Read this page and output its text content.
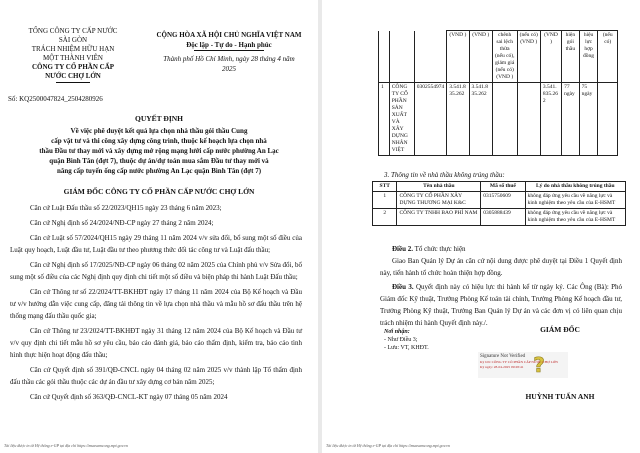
TỔNG CÔNG TY CẤP NƯỚC
SÀI GÒN
TRÁCH NHIỆM HỮU HẠN
MỘT THÀNH VIÊN
CÔNG TY CỔ PHẦN CẤP
NƯỚC CHỢ LỚN
Số: KQ2500047824_2504280926
CỘNG HÒA XÃ HỘI CHỦ NGHĨA VIỆT NAM
Độc lập - Tự do - Hạnh phúc
Thành phố Hồ Chí Minh, ngày 28 tháng 4 năm
2025
QUYẾT ĐỊNH
Về việc phê duyệt kết quả lựa chọn nhà thầu gói thầu Cung
cấp vật tư và thi công xây dựng công trình, thuộc kế hoạch lựa chọn nhà
thầu Đầu tư thay mới và xây dựng mở rộng mạng lưới cấp nước phường An Lạc
quận Bình Tân (đợt 7), thuộc dự án/dự toán mua sắm Đầu tư thay mới và
nâng cấp tuyến ống cấp nước phường An Lạc quận Bình Tân (đợt 7)
GIÁM ĐỐC CÔNG TY CỔ PHẦN CẤP NƯỚC CHỢ LỚN
Căn cứ Luật Đấu thầu số 22/2023/QH15 ngày 23 tháng 6 năm 2023;
Căn cứ Nghị định số 24/2024/NĐ-CP ngày 27 tháng 2 năm 2024;
Căn cứ Luật số 57/2024/QH15 ngày 29 tháng 11 năm 2024 v/v sửa đổi, bổ sung một số điều của Luật quy hoạch, Luật đầu tư, Luật đầu tư theo phương thức đối tác công tư và Luật đấu thầu;
Căn cứ Nghị định số 17/2025/NĐ-CP ngày 06 tháng 02 năm 2025 của Chính phủ v/v Sửa đổi, bổ sung một số điều của các Nghị định quy định chi tiết một số điều và biện pháp thi hành Luật Đấu thầu;
Căn cứ Thông tư số 22/2024/TT-BKHĐT ngày 17 tháng 11 năm 2024 của Bộ Kế hoạch và Đầu tư v/v hướng dẫn việc cung cấp, đăng tải thông tin về lựa chọn nhà thầu và mẫu hồ sơ đấu thầu trên hệ thống mạng đấu thầu quốc gia;
Căn cứ Thông tư 23/2024/TT-BKHĐT ngày 31 tháng 12 năm 2024 của Bộ Kế hoạch và Đầu tư v/v quy định chi tiết mẫu hồ sơ yêu cầu, báo cáo đánh giá, báo cáo thẩm định, kiểm tra, báo cáo tình hình thực hiện hoạt động đấu thầu;
Căn cứ Quyết định số 391/QĐ-CNCL ngày 04 tháng 02 năm 2025 v/v thành lập Tổ thẩm định đấu thầu các gói thầu thuộc các dự án đầu tư xây dựng cơ bản năm 2025;
Căn cứ Quyết định số 363/QĐ-CNCL-KT ngày 07 tháng 05 năm 2024
Tài liệu được in từ Hệ thống e-GP tại địa chỉ https://muasamcong.mpi.gov.vn
			(VND )	(VND )	chênh sai lệch thừa (nếu có), giảm giá (nếu có) (VND )	(nếu có) (VND )	(VND )	hiện gói thầu	hiệu lực hợp đồng	(nếu có)
1	CÔNG TY CỔ PHẦN SẢN XUẤT VÀ XÂY DỰNG NHÂN VIỆT	0302554974	3.541.835.262	3.541.835.262			3.541.835.262	77 ngày	75 ngày	
3. Thông tin về nhà thầu không trúng thầu:
STT	Tên nhà thầu	Mã số thuế	Lý do nhà thầu không trúng thầu
1	CÔNG TY CỔ PHẦN XÂY DỰNG THƯƠNG MẠI K&C	0315750609	không đáp ứng yêu cầu về năng lực và kinh nghiệm theo yêu cầu của E-HSMT
2	CÔNG TY TNHH BAO PHÍ NAM	0305888439	không đáp ứng yêu cầu về năng lực và kinh nghiệm theo yêu cầu của E-HSMT
Điều 2. Tổ chức thực hiện
Giao Ban Quản lý Dự án căn cứ nội dung được phê duyệt tại Điều 1 Quyết định này, tiến hành tổ chức hoàn thiện hợp đồng.
Điều 3. Quyết định này có hiệu lực thi hành kể từ ngày ký. Các Ông (Bà): Phó Giám đốc Kỹ thuật, Trưởng Phòng Kế toán tài chính, Trưởng Phòng Kế hoạch đầu tư, Trưởng Phòng Kỹ thuật, Trưởng Ban Quản lý Dự án và các đơn vị có liên quan chịu trách nhiệm thi hành Quyết định này./.
Nơi nhận:
- Như Điều 3;
- Lưu: VT, KHĐT.
GIÁM ĐỐC
?
Signature Not Verified
Ký bởi: CÔNG TY CỔ PHẦN CẤP NƯỚC CHỢ LỚN
Ký ngày: 28-04-2025 09:28:41
HUỲNH TUẤN ANH
Tài liệu được in từ Hệ thống e-GP tại địa chỉ https://muasamcong.mpi.gov.vn
